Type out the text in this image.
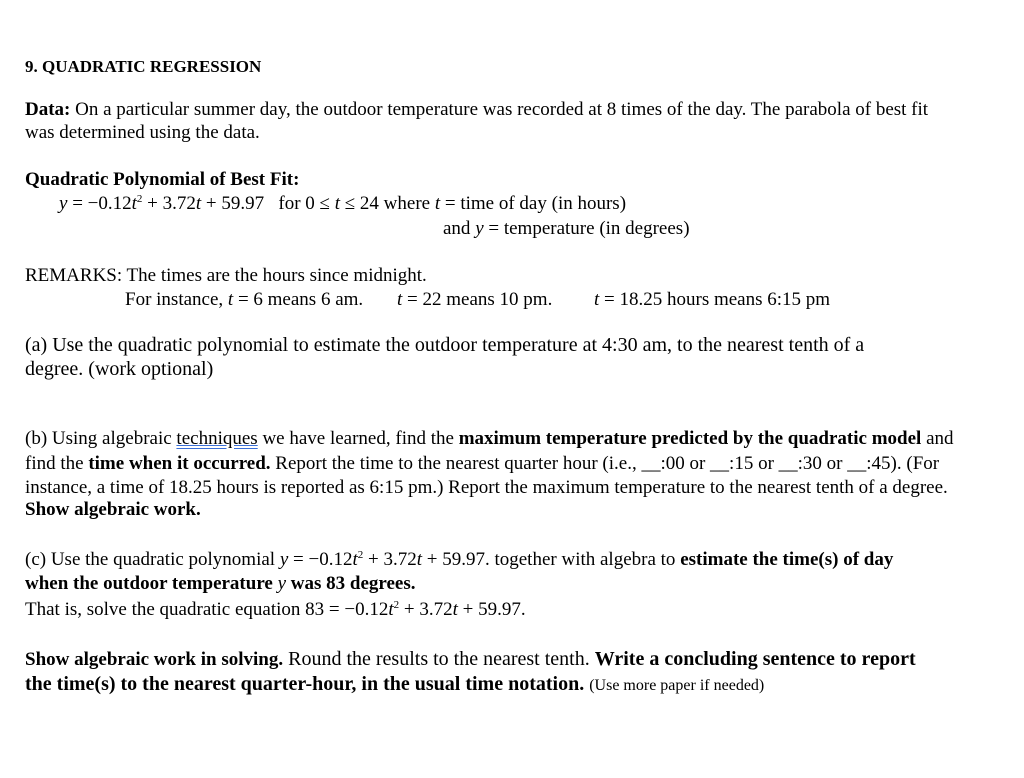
9. QUADRATIC REGRESSION
Data: On a particular summer day, the outdoor temperature was recorded at 8 times of the day. The parabola of best fit
was determined using the data.
Quadratic Polynomial of Best Fit:
$y = -0.12t^2 + 3.72t + 59.97$   for 0 ≤ t ≤ 24 where t = time of day (in hours)
and y = temperature (in degrees)
REMARKS: The times are the hours since midnight.
For instance, t = 6 means 6 am. t = 22 means 10 pm. t = 18.25 hours means 6:15 pm
(a) Use the quadratic polynomial to estimate the outdoor temperature at 4:30 am, to the nearest tenth of a
degree. (work optional)
(b) Using algebraic techniques we have learned, find the maximum temperature predicted by the quadratic model and
find the time when it occurred. Report the time to the nearest quarter hour (i.e., __:00 or __:15 or __:30 or __:45). (For
instance, a time of 18.25 hours is reported as 6:15 pm.) Report the maximum temperature to the nearest tenth of a degree.
Show algebraic work.
(c) Use the quadratic polynomial $y = -0.12t^2 + 3.72t + 59.97$. together with algebra to estimate the time(s) of day
when the outdoor temperature y was 83 degrees.
That is, solve the quadratic equation $83 = -0.12t^2 + 3.72t + 59.97$.
Show algebraic work in solving. Round the results to the nearest tenth. Write a concluding sentence to report
the time(s) to the nearest quarter-hour, in the usual time notation. (Use more paper if needed)
